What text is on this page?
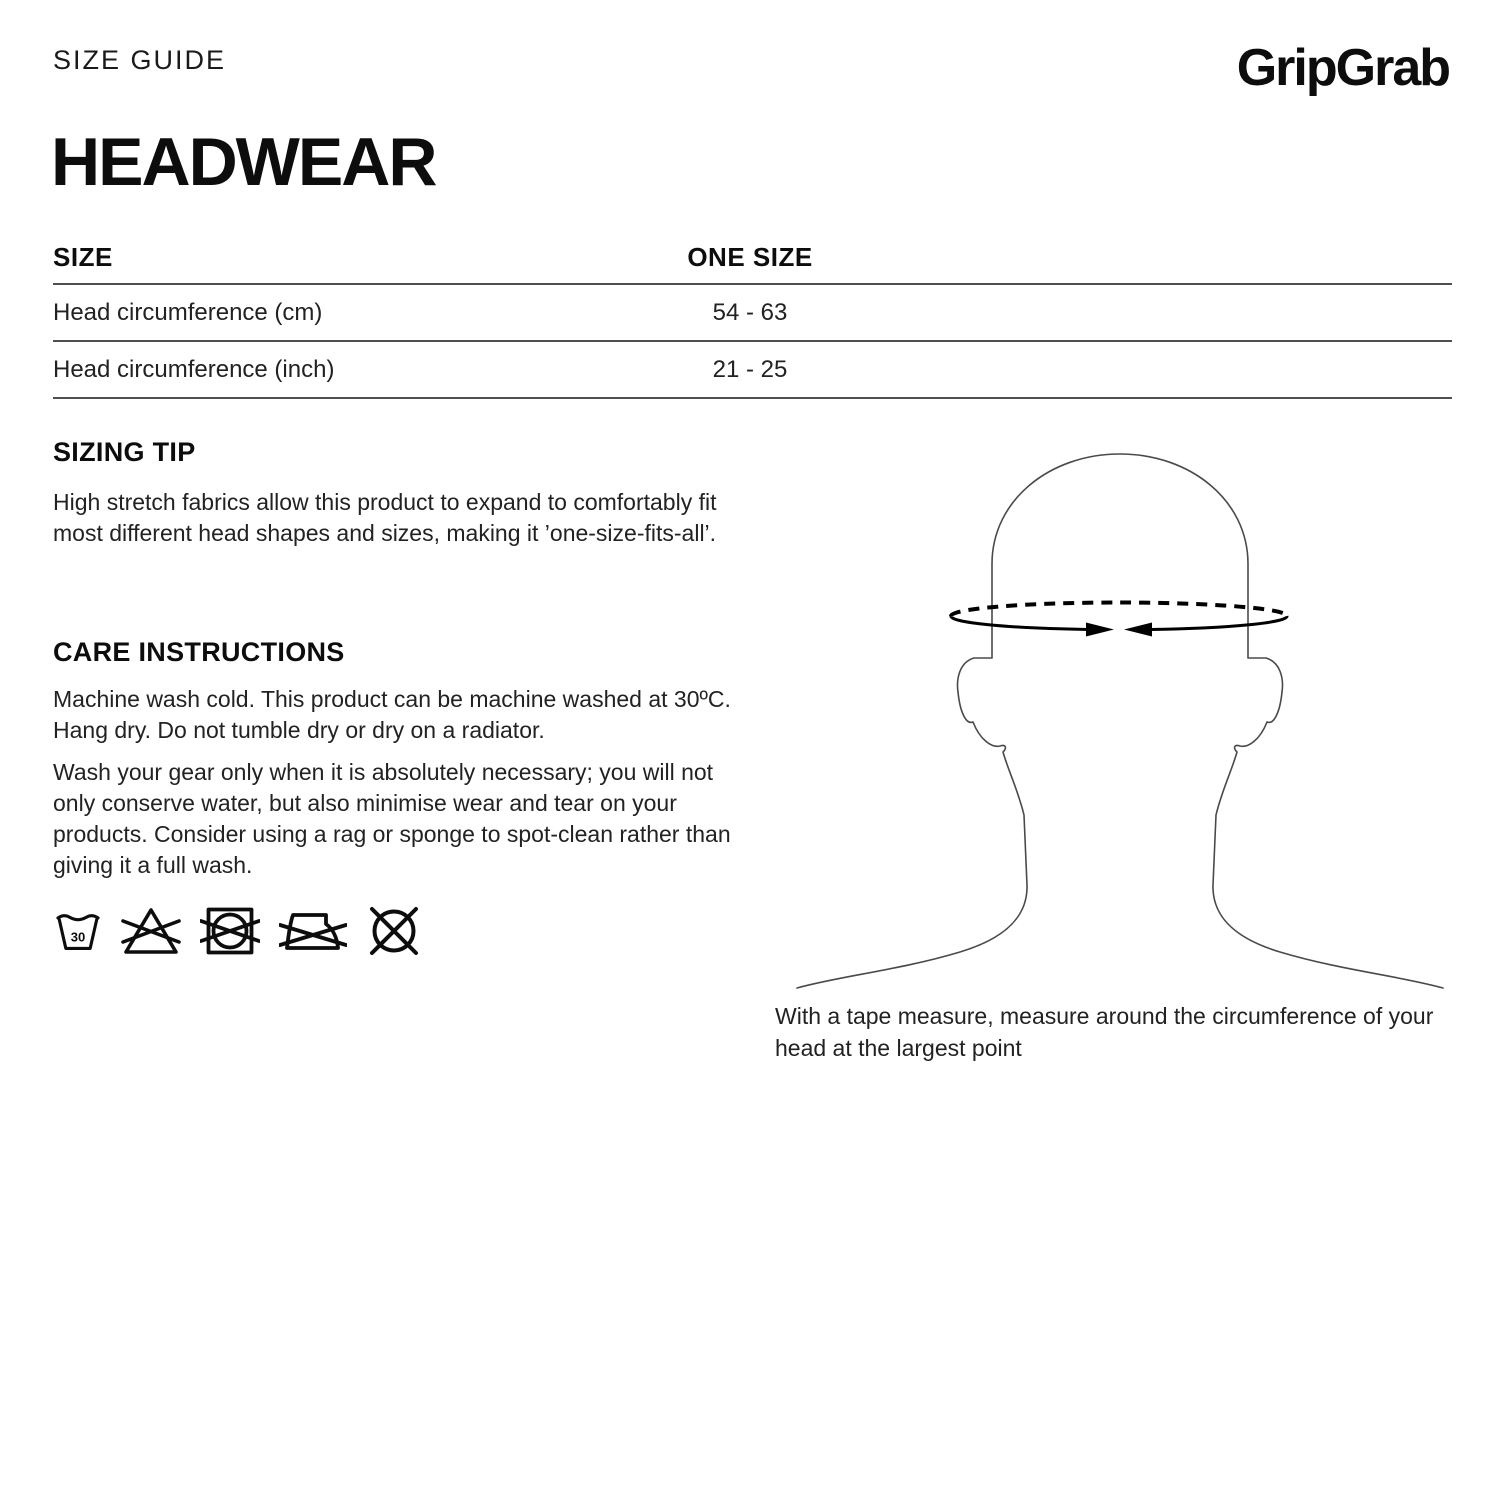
SIZE GUIDE	GripGrab
HEADWEAR
SIZE	ONE SIZE
Head circumference (cm)	54 - 63
Head circumference (inch)	21 - 25
SIZING TIP
High stretch fabrics allow this product to expand to comfortably fit most different head shapes and sizes, making it ’one-size-fits-all’.
CARE INSTRUCTIONS
Machine wash cold. This product can be machine washed at 30ºC. Hang dry. Do not tumble dry or dry on a radiator.
Wash your gear only when it is absolutely necessary; you will not only conserve water, but also minimise wear and tear on your products. Consider using a rag or sponge to spot-clean rather than giving it a full wash.
30
With a tape measure, measure around the circumference of your head at the largest point
